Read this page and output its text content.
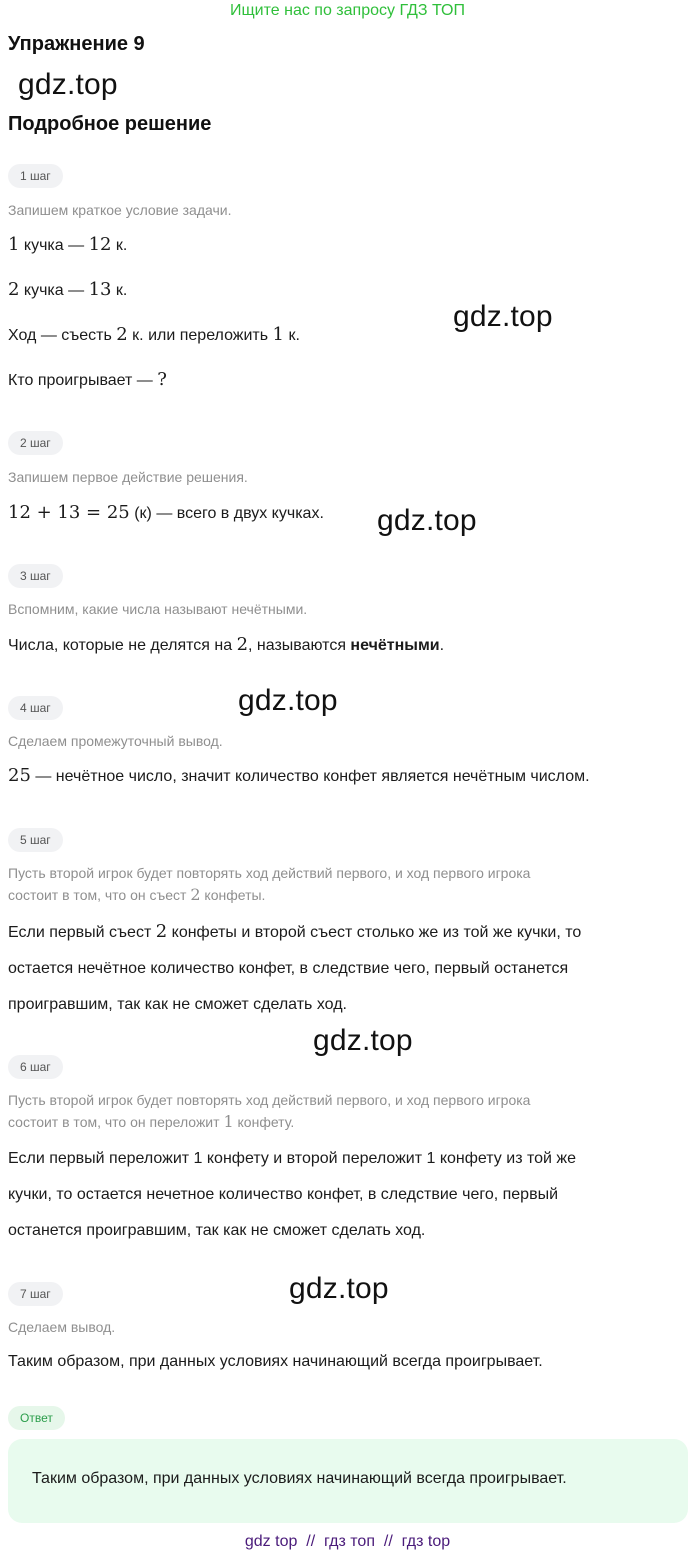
Ищите нас по запросу ГДЗ ТОП
Упражнение 9
gdz.top
gdz.top
gdz.top
gdz.top
gdz.top
gdz.top
Подробное решение
1 шаг
Запишем краткое условие задачи.
1 кучка — 12 к.
2 кучка — 13 к.
Ход — съесть 2 к. или переложить 1 к.
Кто проигрывает — ?
2 шаг
Запишем первое действие решения.
12 + 13 = 25 (к) — всего в двух кучках.
3 шаг
Вспомним, какие числа называют нечётными.
Числа, которые не делятся на 2, называются нечётными.
4 шаг
Сделаем промежуточный вывод.
25 — нечётное число, значит количество конфет является нечётным числом.
5 шаг
Пусть второй игрок будет повторять ход действий первого, и ход первого игрока
состоит в том, что он съест 2 конфеты.
Если первый съест 2 конфеты и второй съест столько же из той же кучки, то
остается нечётное количество конфет, в следствие чего, первый останется
проигравшим, так как не сможет сделать ход.
6 шаг
Пусть второй игрок будет повторять ход действий первого, и ход первого игрока
состоит в том, что он переложит 1 конфету.
Если первый переложит 1 конфету и второй переложит 1 конфету из той же
кучки, то остается нечетное количество конфет, в следствие чего, первый
останется проигравшим, так как не сможет сделать ход.
7 шаг
Сделаем вывод.
Таким образом, при данных условиях начинающий всегда проигрывает.
Ответ
Таким образом, при данных условиях начинающий всегда проигрывает.
gdz top  //  гдз топ  //  гдз top
